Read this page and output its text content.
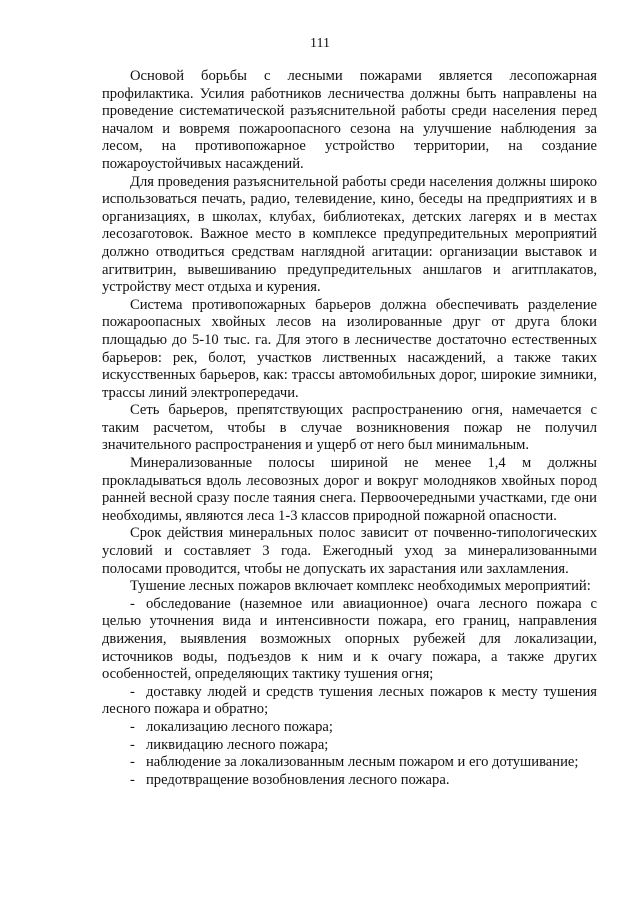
111

Основой борьбы с лесными пожарами является лесопожарная профилактика. Усилия работников лесничества должны быть направлены на проведение систематической разъяснительной работы среди населения перед началом и вовремя пожароопасного сезона на улучшение наблюдения за лесом, на противопожарное устройство территории, на создание пожароустойчивых насаждений.

Для проведения разъяснительной работы среди населения должны широко использоваться печать, радио, телевидение, кино, беседы на предприятиях и в организациях, в школах, клубах, библиотеках, детских лагерях и в местах лесозаготовок. Важное место в комплексе предупредительных мероприятий должно отводиться средствам наглядной агитации: организации выставок и агитвитрин, вывешиванию предупредительных аншлагов и агитплакатов, устройству мест отдыха и курения.

Система противопожарных барьеров должна обеспечивать разделение пожароопасных хвойных лесов на изолированные друг от друга блоки площадью до 5-10 тыс. га. Для этого в лесничестве достаточно естественных барьеров: рек, болот, участков лиственных насаждений, а также таких искусственных барьеров, как: трассы автомобильных дорог, широкие зимники, трассы линий электропередачи.

Сеть барьеров, препятствующих распространению огня, намечается с таким расчетом, чтобы в случае возникновения пожар не получил значительного распространения и ущерб от него был минимальным.

Минерализованные полосы шириной не менее 1,4 м должны прокладываться вдоль лесовозных дорог и вокруг молодняков хвойных пород ранней весной сразу после таяния снега. Первоочередными участками, где они необходимы, являются леса 1-3 классов природной пожарной опасности.

Срок действия минеральных полос зависит от почвенно-типологических условий и составляет 3 года. Ежегодный уход за минерализованными полосами проводится, чтобы не допускать их зарастания или захламления.

Тушение лесных пожаров включает комплекс необходимых мероприятий:

- обследование (наземное или авиационное) очага лесного пожара с целью уточнения вида и интенсивности пожара, его границ, направления движения, выявления возможных опорных рубежей для локализации, источников воды, подъездов к ним и к очагу пожара, а также других особенностей, определяющих тактику тушения огня;

- доставку людей и средств тушения лесных пожаров к месту тушения лесного пожара и обратно;

- локализацию лесного пожара;

- ликвидацию лесного пожара;

- наблюдение за локализованным лесным пожаром и его дотушивание;

- предотвращение возобновления лесного пожара.
